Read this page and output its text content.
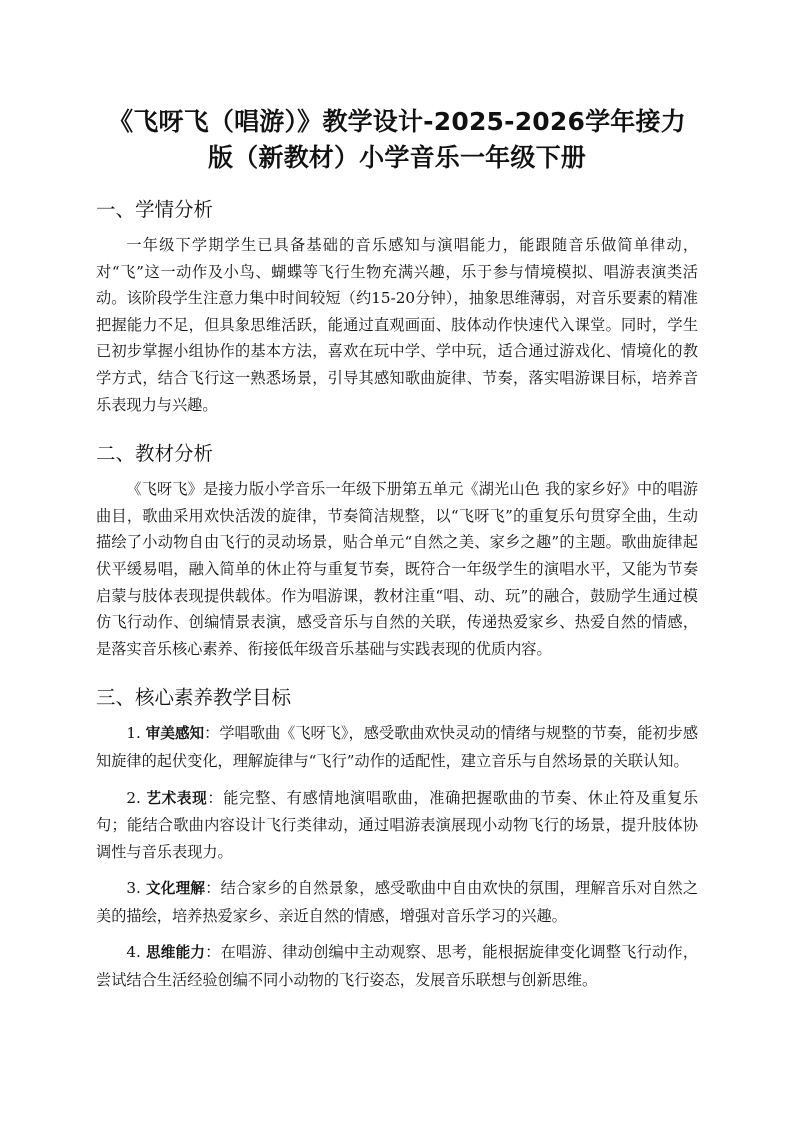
《飞呀飞（唱游）》教学设计-2025-2026学年接力版（新教材）小学音乐一年级下册
一、学情分析

一年级下学期学生已具备基础的音乐感知与演唱能力，能跟随音乐做简单律动，对“飞”这一动作及小鸟、蝴蝶等飞行生物充满兴趣，乐于参与情境模拟、唱游表演类活动。该阶段学生注意力集中时间较短（约15-20分钟），抽象思维薄弱，对音乐要素的精准把握能力不足，但具象思维活跃，能通过直观画面、肢体动作快速代入课堂。同时，学生已初步掌握小组协作的基本方法，喜欢在玩中学、学中玩，适合通过游戏化、情境化的教学方式，结合飞行这一熟悉场景，引导其感知歌曲旋律、节奏，落实唱游课目标，培养音乐表现力与兴趣。

二、教材分析

《飞呀飞》是接力版小学音乐一年级下册第五单元《湖光山色 我的家乡好》中的唱游曲目，歌曲采用欢快活泼的旋律，节奏简洁规整，以“飞呀飞”的重复乐句贯穿全曲，生动描绘了小动物自由飞行的灵动场景，贴合单元“自然之美、家乡之趣”的主题。歌曲旋律起伏平缓易唱，融入简单的休止符与重复节奏，既符合一年级学生的演唱水平，又能为节奏启蒙与肢体表现提供载体。作为唱游课，教材注重“唱、动、玩”的融合，鼓励学生通过模仿飞行动作、创编情景表演，感受音乐与自然的关联，传递热爱家乡、热爱自然的情感，是落实音乐核心素养、衔接低年级音乐基础与实践表现的优质内容。

三、核心素养教学目标

1. 审美感知：学唱歌曲《飞呀飞》，感受歌曲欢快灵动的情绪与规整的节奏，能初步感知旋律的起伏变化，理解旋律与“飞行”动作的适配性，建立音乐与自然场景的关联认知。

2. 艺术表现：能完整、有感情地演唱歌曲，准确把握歌曲的节奏、休止符及重复乐句；能结合歌曲内容设计飞行类律动，通过唱游表演展现小动物飞行的场景，提升肢体协调性与音乐表现力。

3. 文化理解：结合家乡的自然景象，感受歌曲中自由欢快的氛围，理解音乐对自然之美的描绘，培养热爱家乡、亲近自然的情感，增强对音乐学习的兴趣。

4. 思维能力：在唱游、律动创编中主动观察、思考，能根据旋律变化调整飞行动作，尝试结合生活经验创编不同小动物的飞行姿态，发展音乐联想与创新思维。
